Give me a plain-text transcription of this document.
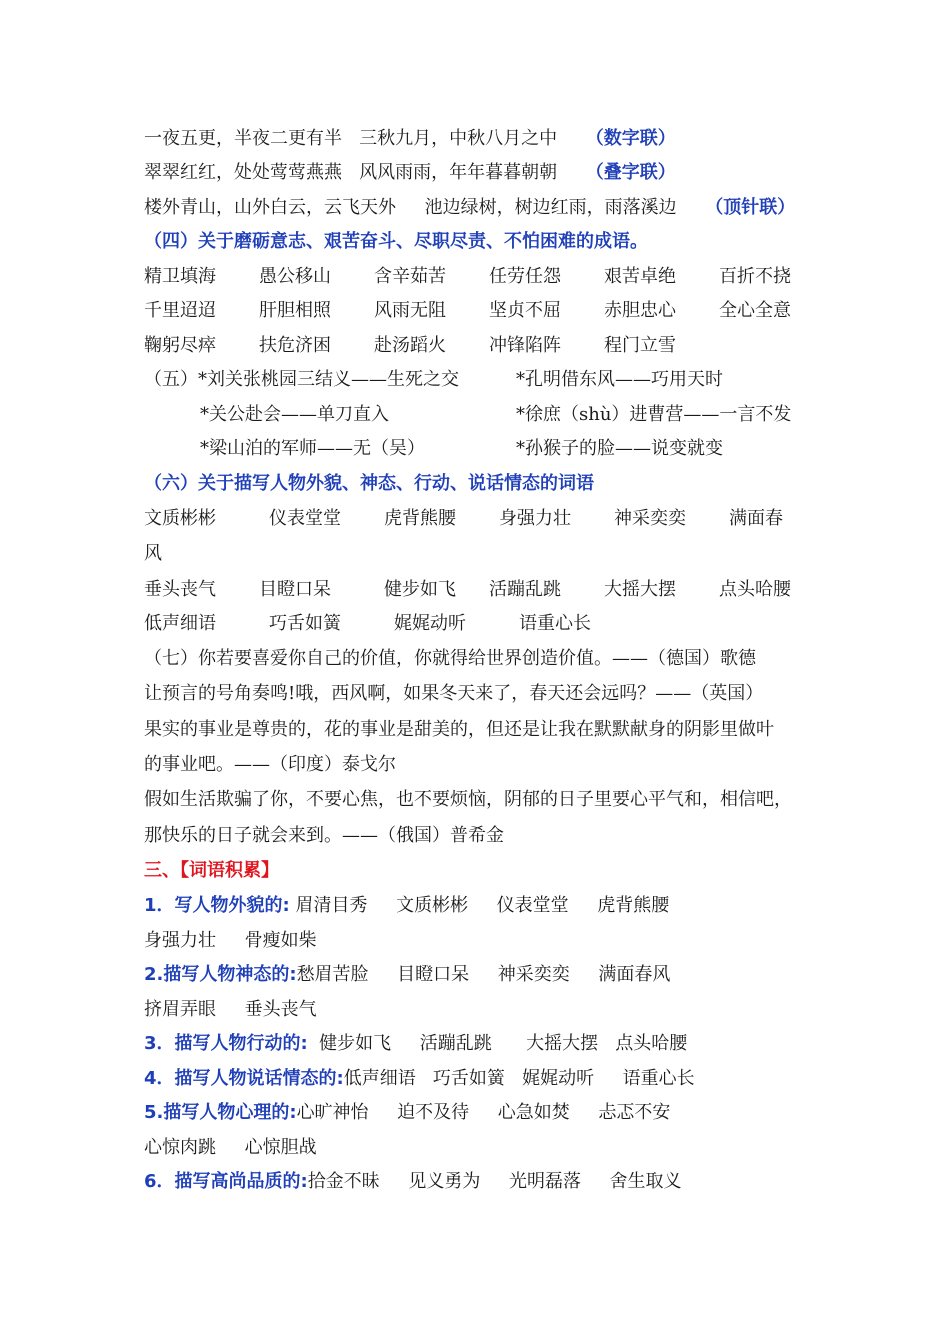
一夜五更，半夜二更有半   三秋九月，中秋八月之中 （数字联）
翠翠红红，处处莺莺燕燕   风风雨雨，年年暮暮朝朝 （叠字联）
楼外青山，山外白云，云飞天外     池边绿树，树边红雨，雨落溪边 （顶针联）
（四）关于磨砺意志、艰苦奋斗、尽职尽责、不怕困难的成语。
精卫填海 愚公移山 含辛茹苦 任劳任怨 艰苦卓绝 百折不挠
千里迢迢 肝胆相照 风雨无阻 坚贞不屈 赤胆忠心 全心全意
鞠躬尽瘁 扶危济困 赴汤蹈火 冲锋陷阵 程门立雪
（五）*刘关张桃园三结义——生死之交	*孔明借东风——巧用天时
*关公赴会——单刀直入	*徐庶（shù）进曹营——一言不发
*梁山泊的军师——无（吴）	*孙猴子的脸——说变就变
（六）关于描写人物外貌、神态、行动、说话情态的词语
文质彬彬	仪表堂堂 虎背熊腰 身强力壮 神采奕奕 满面春
风
垂头丧气 目瞪口呆	健步如飞 活蹦乱跳 大摇大摆 点头哈腰
低声细语	巧舌如簧	娓娓动听	语重心长
（七）你若要喜爱你自己的价值，你就得给世界创造价值。——（德国）歌德
让预言的号角奏鸣!哦，西风啊，如果冬天来了，春天还会远吗？——（英国）
果实的事业是尊贵的，花的事业是甜美的，但还是让我在默默献身的阴影里做叶
的事业吧。——（印度）泰戈尔
假如生活欺骗了你，不要心焦，也不要烦恼，阴郁的日子里要心平气和，相信吧，
那快乐的日子就会来到。——（俄国）普希金
三、【词语积累】
1．写人物外貌的: 眉清目秀     文质彬彬     仪表堂堂     虎背熊腰
身强力壮     骨瘦如柴
2.描写人物神态的:愁眉苦脸     目瞪口呆     神采奕奕     满面春风
挤眉弄眼     垂头丧气
3．描写人物行动的:  健步如飞     活蹦乱跳      大摇大摆   点头哈腰
4．描写人物说话情态的:低声细语   巧舌如簧   娓娓动听     语重心长
5.描写人物心理的:心旷神怡     迫不及待     心急如焚     忐忑不安
心惊肉跳     心惊胆战
6．描写高尚品质的:拾金不昧     见义勇为     光明磊落     舍生取义
